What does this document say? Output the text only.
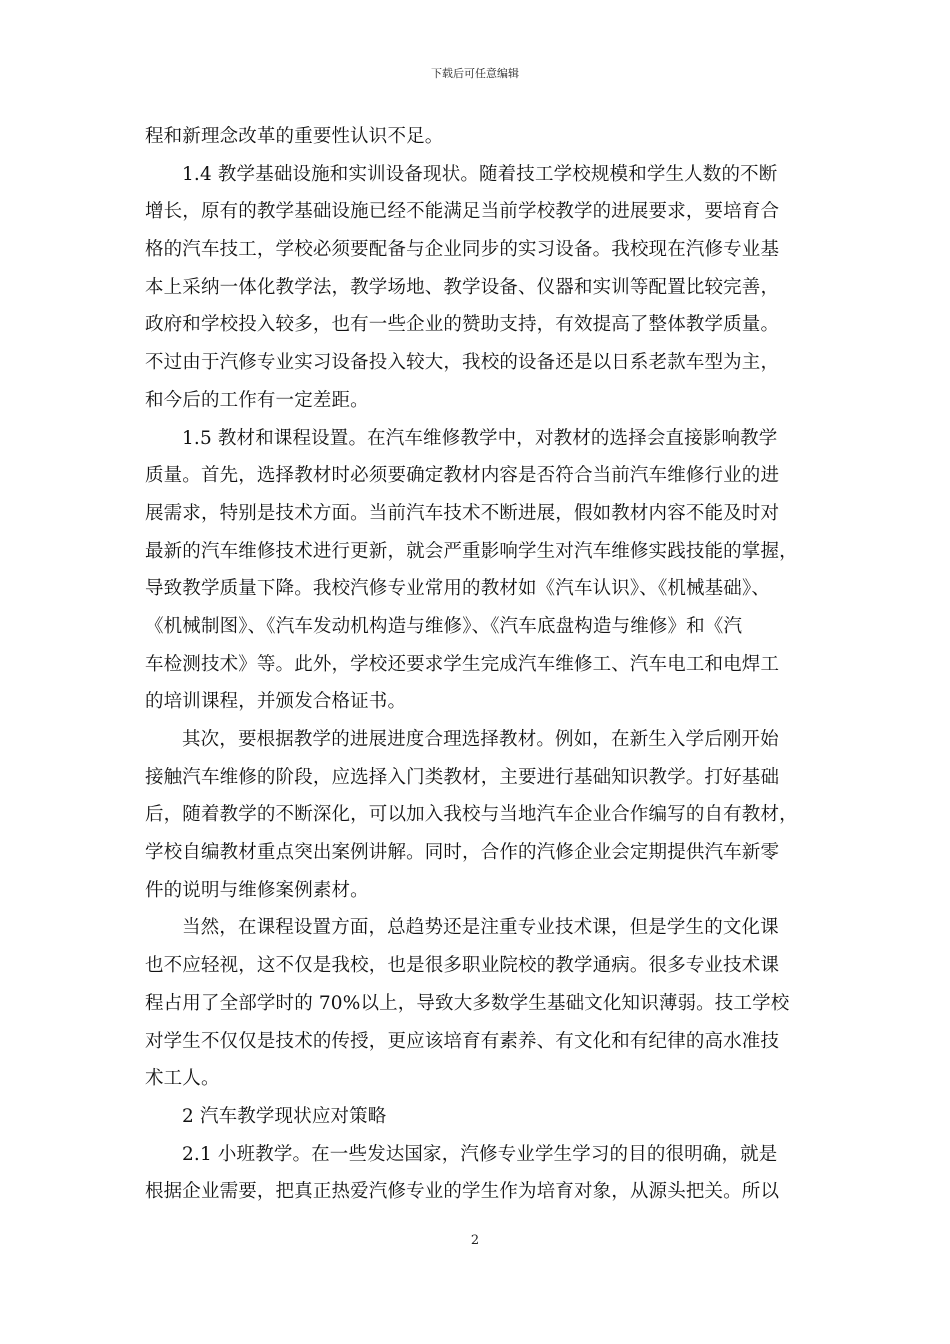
下载后可任意编辑
程和新理念改革的重要性认识不足。
1.4 教学基础设施和实训设备现状。随着技工学校规模和学生人数的不断
增长，原有的教学基础设施已经不能满足当前学校教学的进展要求，要培育合
格的汽车技工，学校必须要配备与企业同步的实习设备。我校现在汽修专业基
本上采纳一体化教学法，教学场地、教学设备、仪器和实训等配置比较完善，
政府和学校投入较多，也有一些企业的赞助支持，有效提高了整体教学质量。
不过由于汽修专业实习设备投入较大，我校的设备还是以日系老款车型为主，
和今后的工作有一定差距。
1.5 教材和课程设置。在汽车维修教学中，对教材的选择会直接影响教学
质量。首先，选择教材时必须要确定教材内容是否符合当前汽车维修行业的进
展需求，特别是技术方面。当前汽车技术不断进展，假如教材内容不能及时对
最新的汽车维修技术进行更新，就会严重影响学生对汽车维修实践技能的掌握，
导致教学质量下降。我校汽修专业常用的教材如《汽车认识》、《机械基础》、
《机械制图》、《汽车发动机构造与维修》、《汽车底盘构造与维修》和《汽
车检测技术》等。此外，学校还要求学生完成汽车维修工、汽车电工和电焊工
的培训课程，并颁发合格证书。
其次，要根据教学的进展进度合理选择教材。例如，在新生入学后刚开始
接触汽车维修的阶段，应选择入门类教材，主要进行基础知识教学。打好基础
后，随着教学的不断深化，可以加入我校与当地汽车企业合作编写的自有教材，
学校自编教材重点突出案例讲解。同时，合作的汽修企业会定期提供汽车新零
件的说明与维修案例素材。
当然，在课程设置方面，总趋势还是注重专业技术课，但是学生的文化课
也不应轻视，这不仅是我校，也是很多职业院校的教学通病。很多专业技术课
程占用了全部学时的 70%以上，导致大多数学生基础文化知识薄弱。技工学校
对学生不仅仅是技术的传授，更应该培育有素养、有文化和有纪律的高水准技
术工人。
2 汽车教学现状应对策略
2.1 小班教学。在一些发达国家，汽修专业学生学习的目的很明确，就是
根据企业需要，把真正热爱汽修专业的学生作为培育对象，从源头把关。所以
2
